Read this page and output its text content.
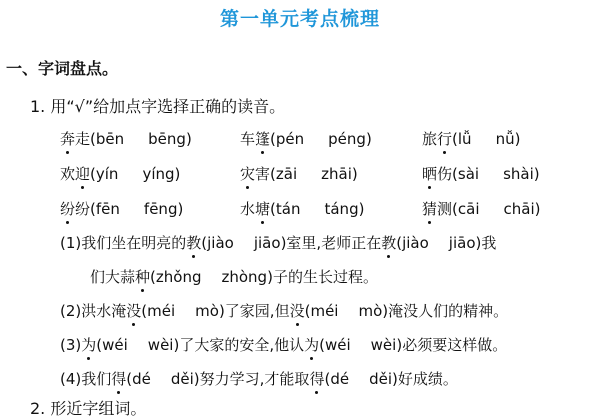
第一单元考点梳理
一、字词盘点。
1. 用“√”给加点字选择正确的读音。
奔走(bēn bēng)	车篷(pén péng)	旅行(lǚ nǚ)
欢迎(yín yíng)	灾害(zāi zhāi)	晒伤(sài shài)
纷纷(fēn fēng)	水塘(tán táng)	猜测(cāi chāi)
(1)我们坐在明亮的教(jiào jiāo)室里,老师正在教(jiào jiāo)我
们大蒜种(zhǒng zhòng)子的生长过程。
(2)洪水淹没(méi mò)了家园,但没(méi mò)淹没人们的精神。
(3)为(wéi wèi)了大家的安全,他认为(wéi wèi)必须要这样做。
(4)我们得(dé děi)努力学习,才能取得(dé děi)好成绩。
2. 形近字组词。
